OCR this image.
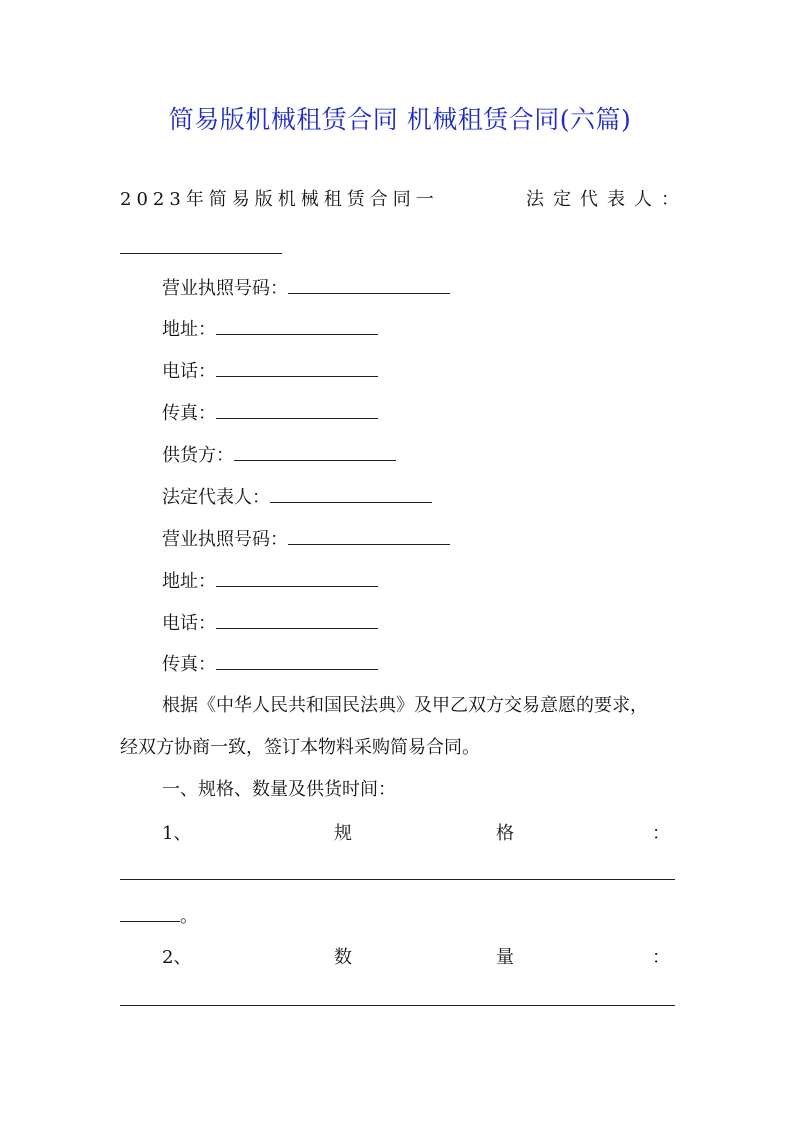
简易版机械租赁合同 机械租赁合同(六篇)
2023年简易版机械租赁合同一	法定代表人：
营业执照号码：
地址：
电话：
传真：
供货方：
法定代表人：
营业执照号码：
地址：
电话：
传真：
根据《中华人民共和国民法典》及甲乙双方交易意愿的要求，
经双方协商一致，签订本物料采购简易合同。
一、规格、数量及供货时间：
1、	规	格	：
。
2、	数	量	：
